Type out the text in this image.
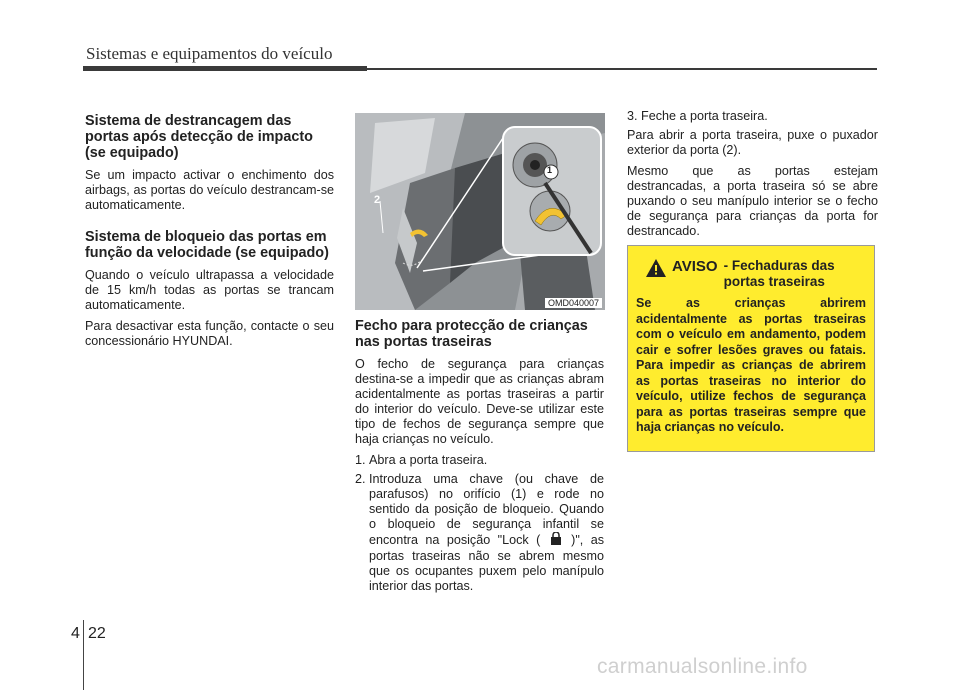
Sistemas e equipamentos do veículo
Sistema de destrancagem das portas após detecção de impacto (se equipado)

Se um impacto activar o enchimento dos airbags, as portas do veículo destrancam-se automaticamente.

Sistema de bloqueio das portas em função da velocidade (se equipado)

Quando o veículo ultrapassa a velocidade de 15 km/h todas as portas se trancam automaticamente.

Para desactivar esta função, contacte o seu concessionário HYUNDAI.

1
2
OMD040007
Fecho para protecção de crianças nas portas traseiras

O fecho de segurança para crianças destina-se a impedir que as crianças abram acidentalmente as portas traseiras a partir do interior do veículo. Deve-se utilizar este tipo de fechos de segurança sempre que haja crianças no veículo.

1. Abra a porta traseira.
2. Introduza uma chave (ou chave de parafusos) no orifício (1) e rode no sentido da posição de bloqueio. Quando o bloqueio de segurança infantil se encontra na posição "Lock ( )", as portas traseiras não se abrem mesmo que os ocupantes puxem pelo manípulo interior das portas.

3. Feche a porta traseira.

Para abrir a porta traseira, puxe o puxador exterior da porta (2).

Mesmo que as portas estejam destrancadas, a porta traseira só se abre puxando o seu manípulo interior se o fecho de segurança para crianças da porta for destrancado.

AVISO - Fechaduras das portas traseiras
Se as crianças abrirem acidentalmente as portas traseiras com o veículo em andamento, podem cair e sofrer lesões graves ou fatais. Para impedir as crianças de abrirem as portas traseiras no interior do veículo, utilize fechos de segurança para as portas traseiras sempre que haja crianças no veículo.
4 22
carmanualsonline.info
